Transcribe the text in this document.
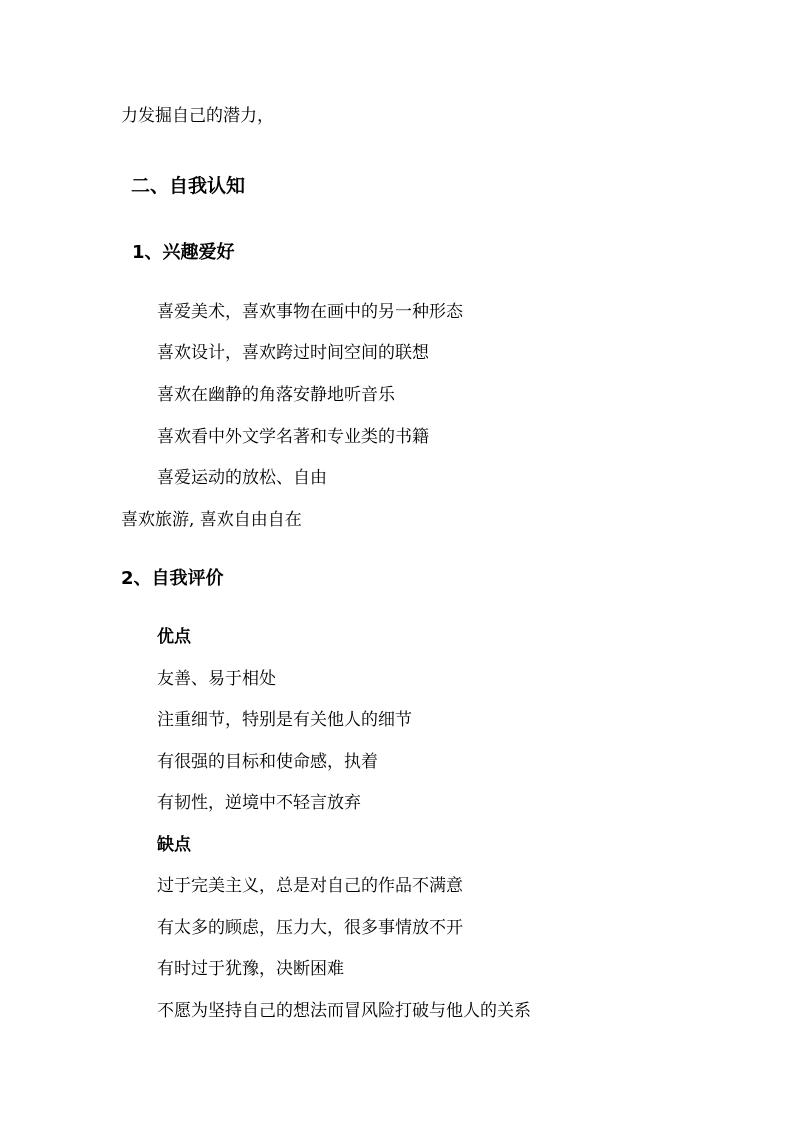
力发掘自己的潜力，
二、自我认知
1、兴趣爱好
喜爱美术，喜欢事物在画中的另一种形态
喜欢设计，喜欢跨过时间空间的联想
喜欢在幽静的角落安静地听音乐
喜欢看中外文学名著和专业类的书籍
喜爱运动的放松、自由
喜欢旅游, 喜欢自由自在
2、自我评价
优点
友善、易于相处
注重细节，特别是有关他人的细节
有很强的目标和使命感，执着
有韧性，逆境中不轻言放弃
缺点
过于完美主义，总是对自己的作品不满意
有太多的顾虑，压力大，很多事情放不开
有时过于犹豫，决断困难
不愿为坚持自己的想法而冒风险打破与他人的关系
